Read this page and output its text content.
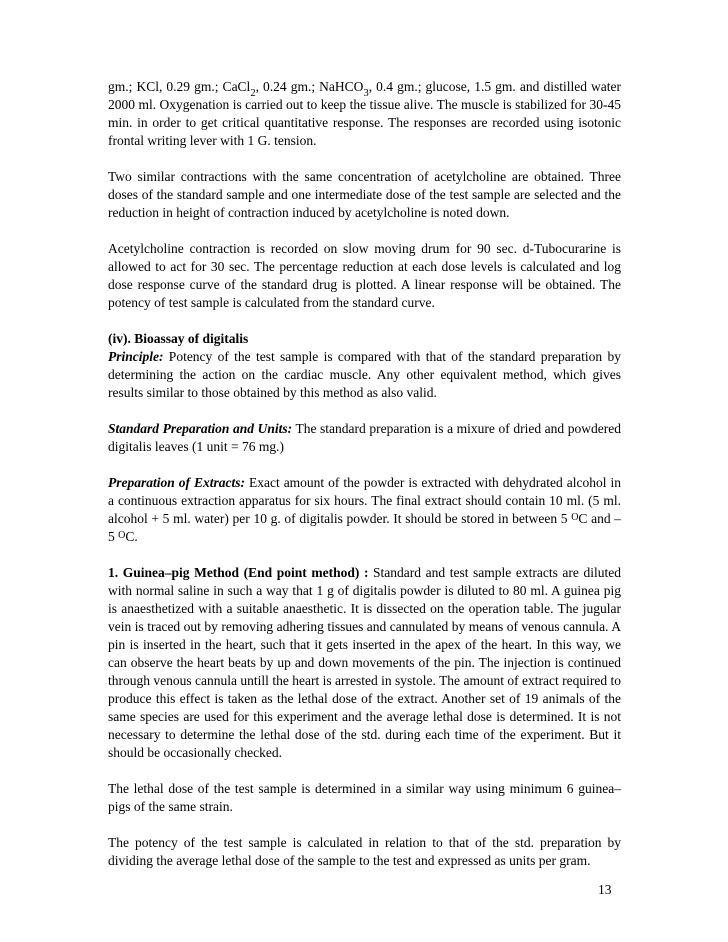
gm.; KCl, 0.29 gm.; CaCl$_2$, 0.24 gm.; NaHCO$_3$, 0.4 gm.; glucose, 1.5 gm. and distilled water 2000 ml. Oxygenation is carried out to keep the tissue alive. The muscle is stabilized for 30-45 min. in order to get critical quantitative response. The responses are recorded using isotonic frontal writing lever with 1 G. tension.

Two similar contractions with the same concentration of acetylcholine are obtained. Three doses of the standard sample and one intermediate dose of the test sample are selected and the reduction in height of contraction induced by acetylcholine is noted down.

Acetylcholine contraction is recorded on slow moving drum for 90 sec. d-Tubocurarine is allowed to act for 30 sec. The percentage reduction at each dose levels is calculated and log dose response curve of the standard drug is plotted. A linear response will be obtained. The potency of test sample is calculated from the standard curve.

(iv). Bioassay of digitalis

Principle: Potency of the test sample is compared with that of the standard preparation by determining the action on the cardiac muscle. Any other equivalent method, which gives results similar to those obtained by this method as also valid.

Standard Preparation and Units: The standard preparation is a mixure of dried and powdered digitalis leaves (1 unit = 76 mg.)

Preparation of Extracts: Exact amount of the powder is extracted with dehydrated alcohol in a continuous extraction apparatus for six hours. The final extract should contain 10 ml. (5 ml. alcohol + 5 ml. water) per 10 g. of digitalis powder. It should be stored in between 5 $^O$C and –5 $^O$C.

1. Guinea–pig Method (End point method) : Standard and test sample extracts are diluted with normal saline in such a way that 1 g of digitalis powder is diluted to 80 ml. A guinea pig is anaesthetized with a suitable anaesthetic. It is dissected on the operation table. The jugular vein is traced out by removing adhering tissues and cannulated by means of venous cannula. A pin is inserted in the heart, such that it gets inserted in the apex of the heart. In this way, we can observe the heart beats by up and down movements of the pin. The injection is continued through venous cannula untill the heart is arrested in systole. The amount of extract required to produce this effect is taken as the lethal dose of the extract. Another set of 19 animals of the same species are used for this experiment and the average lethal dose is determined. It is not necessary to determine the lethal dose of the std. during each time of the experiment. But it should be occasionally checked.

The lethal dose of the test sample is determined in a similar way using minimum 6 guinea–pigs of the same strain.

The potency of the test sample is calculated in relation to that of the std. preparation by dividing the average lethal dose of the sample to the test and expressed as units per gram.

13
